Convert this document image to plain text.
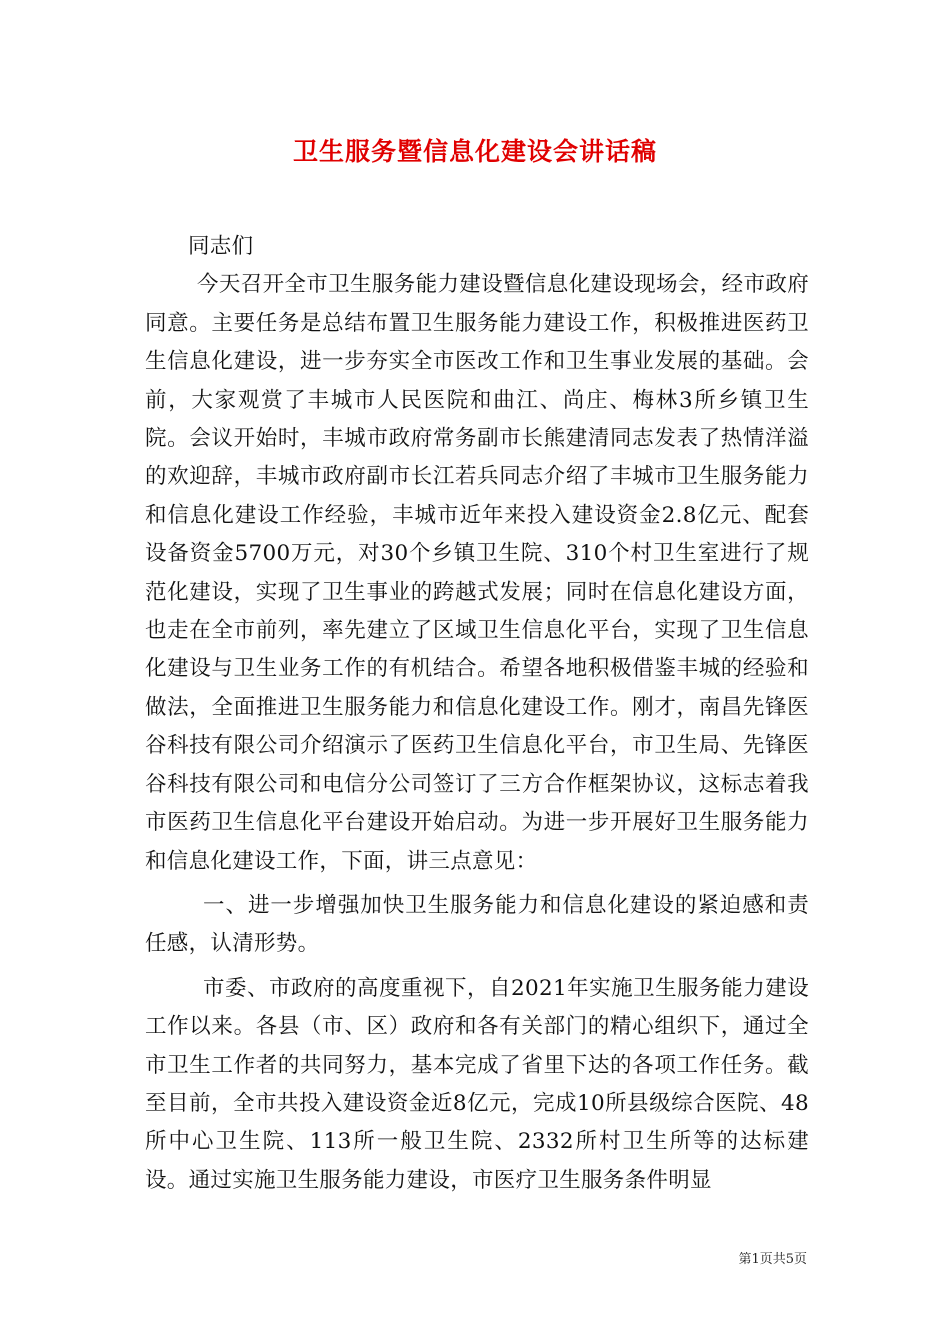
卫生服务暨信息化建设会讲话稿

同志们

今天召开全市卫生服务能力建设暨信息化建设现场会，经市政府同意。主要任务是总结布置卫生服务能力建设工作，积极推进医药卫生信息化建设，进一步夯实全市医改工作和卫生事业发展的基础。会前，大家观赏了丰城市人民医院和曲江、尚庄、梅林3所乡镇卫生院。会议开始时，丰城市政府常务副市长熊建清同志发表了热情洋溢的欢迎辞，丰城市政府副市长江若兵同志介绍了丰城市卫生服务能力和信息化建设工作经验，丰城市近年来投入建设资金2.8亿元、配套设备资金5700万元，对30个乡镇卫生院、310个村卫生室进行了规范化建设，实现了卫生事业的跨越式发展；同时在信息化建设方面，也走在全市前列，率先建立了区域卫生信息化平台，实现了卫生信息化建设与卫生业务工作的有机结合。希望各地积极借鉴丰城的经验和做法，全面推进卫生服务能力和信息化建设工作。刚才，南昌先锋医谷科技有限公司介绍演示了医药卫生信息化平台，市卫生局、先锋医谷科技有限公司和电信分公司签订了三方合作框架协议，这标志着我市医药卫生信息化平台建设开始启动。为进一步开展好卫生服务能力和信息化建设工作，下面，讲三点意见：

一、进一步增强加快卫生服务能力和信息化建设的紧迫感和责任感，认清形势。

市委、市政府的高度重视下，自2021年实施卫生服务能力建设工作以来。各县（市、区）政府和各有关部门的精心组织下，通过全市卫生工作者的共同努力，基本完成了省里下达的各项工作任务。截至目前，全市共投入建设资金近8亿元，完成10所县级综合医院、48所中心卫生院、113所一般卫生院、2332所村卫生所等的达标建设。通过实施卫生服务能力建设，市医疗卫生服务条件明显

第1页共5页
